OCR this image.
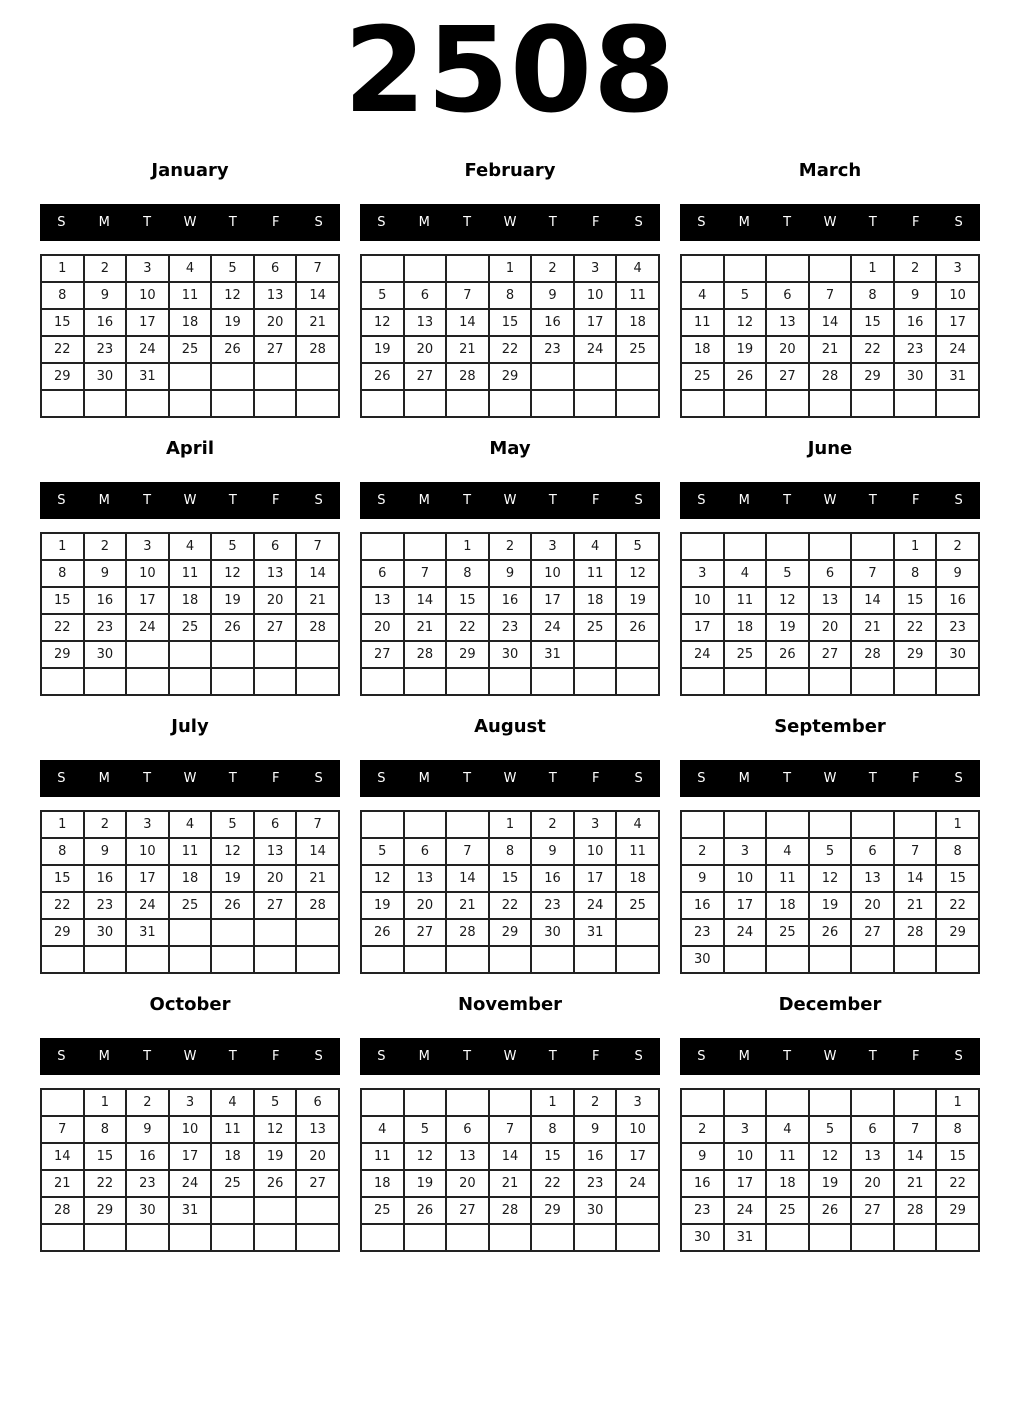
2508
January
S	M	T	W	T	F	S
1	2	3	4	5	6	7
8	9	10	11	12	13	14
15	16	17	18	19	20	21
22	23	24	25	26	27	28
29	30	31				

February
S	M	T	W	T	F	S
			1	2	3	4
5	6	7	8	9	10	11
12	13	14	15	16	17	18
19	20	21	22	23	24	25
26	27	28	29			

March
S	M	T	W	T	F	S
				1	2	3
4	5	6	7	8	9	10
11	12	13	14	15	16	17
18	19	20	21	22	23	24
25	26	27	28	29	30	31

April
S	M	T	W	T	F	S
1	2	3	4	5	6	7
8	9	10	11	12	13	14
15	16	17	18	19	20	21
22	23	24	25	26	27	28
29	30					

May
S	M	T	W	T	F	S
		1	2	3	4	5
6	7	8	9	10	11	12
13	14	15	16	17	18	19
20	21	22	23	24	25	26
27	28	29	30	31		

June
S	M	T	W	T	F	S
					1	2
3	4	5	6	7	8	9
10	11	12	13	14	15	16
17	18	19	20	21	22	23
24	25	26	27	28	29	30

July
S	M	T	W	T	F	S
1	2	3	4	5	6	7
8	9	10	11	12	13	14
15	16	17	18	19	20	21
22	23	24	25	26	27	28
29	30	31				

August
S	M	T	W	T	F	S
			1	2	3	4
5	6	7	8	9	10	11
12	13	14	15	16	17	18
19	20	21	22	23	24	25
26	27	28	29	30	31	

September
S	M	T	W	T	F	S
						1
2	3	4	5	6	7	8
9	10	11	12	13	14	15
16	17	18	19	20	21	22
23	24	25	26	27	28	29
30						
October
S	M	T	W	T	F	S
	1	2	3	4	5	6
7	8	9	10	11	12	13
14	15	16	17	18	19	20
21	22	23	24	25	26	27
28	29	30	31			

November
S	M	T	W	T	F	S
				1	2	3
4	5	6	7	8	9	10
11	12	13	14	15	16	17
18	19	20	21	22	23	24
25	26	27	28	29	30	

December
S	M	T	W	T	F	S
						1
2	3	4	5	6	7	8
9	10	11	12	13	14	15
16	17	18	19	20	21	22
23	24	25	26	27	28	29
30	31					
